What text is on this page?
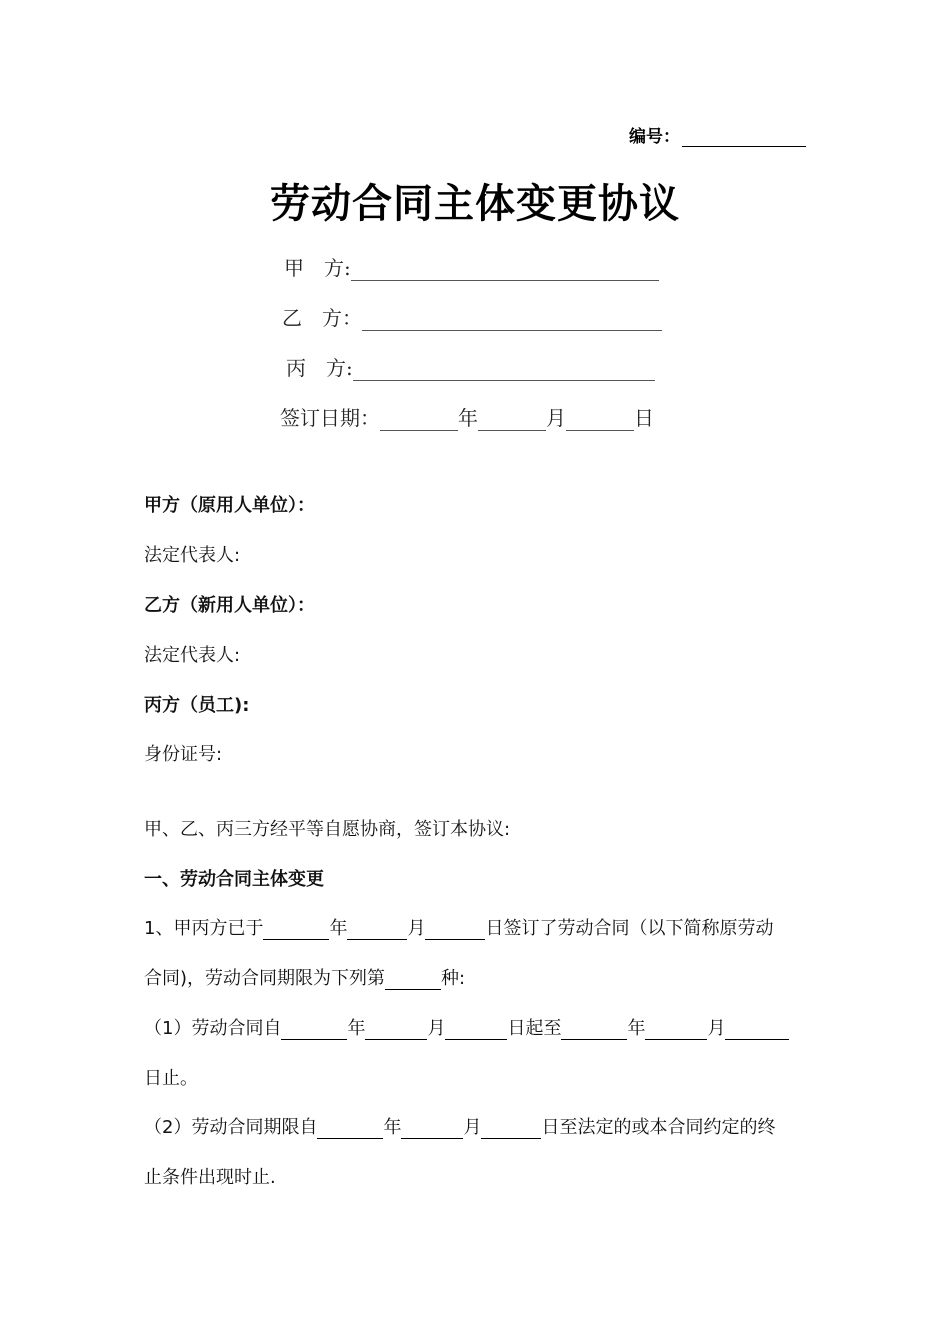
编号：
劳动合同主体变更协议
甲　方:
乙　方：
丙　方:
签订日期：	年	月	日
甲方（原用人单位）：
法定代表人:
乙方（新用人单位）：
法定代表人:
丙方（员工):
身份证号:
甲、乙、丙三方经平等自愿协商，签订本协议:
一、劳动合同主体变更
1、甲丙方已于	年	月	日签订了劳动合同（以下简称原劳动
合同)，劳动合同期限为下列第	种:
（1）劳动合同自	年	月	日起至	年	月
日止。
（2）劳动合同期限自	年	月	日至法定的或本合同约定的终
止条件出现时止.
